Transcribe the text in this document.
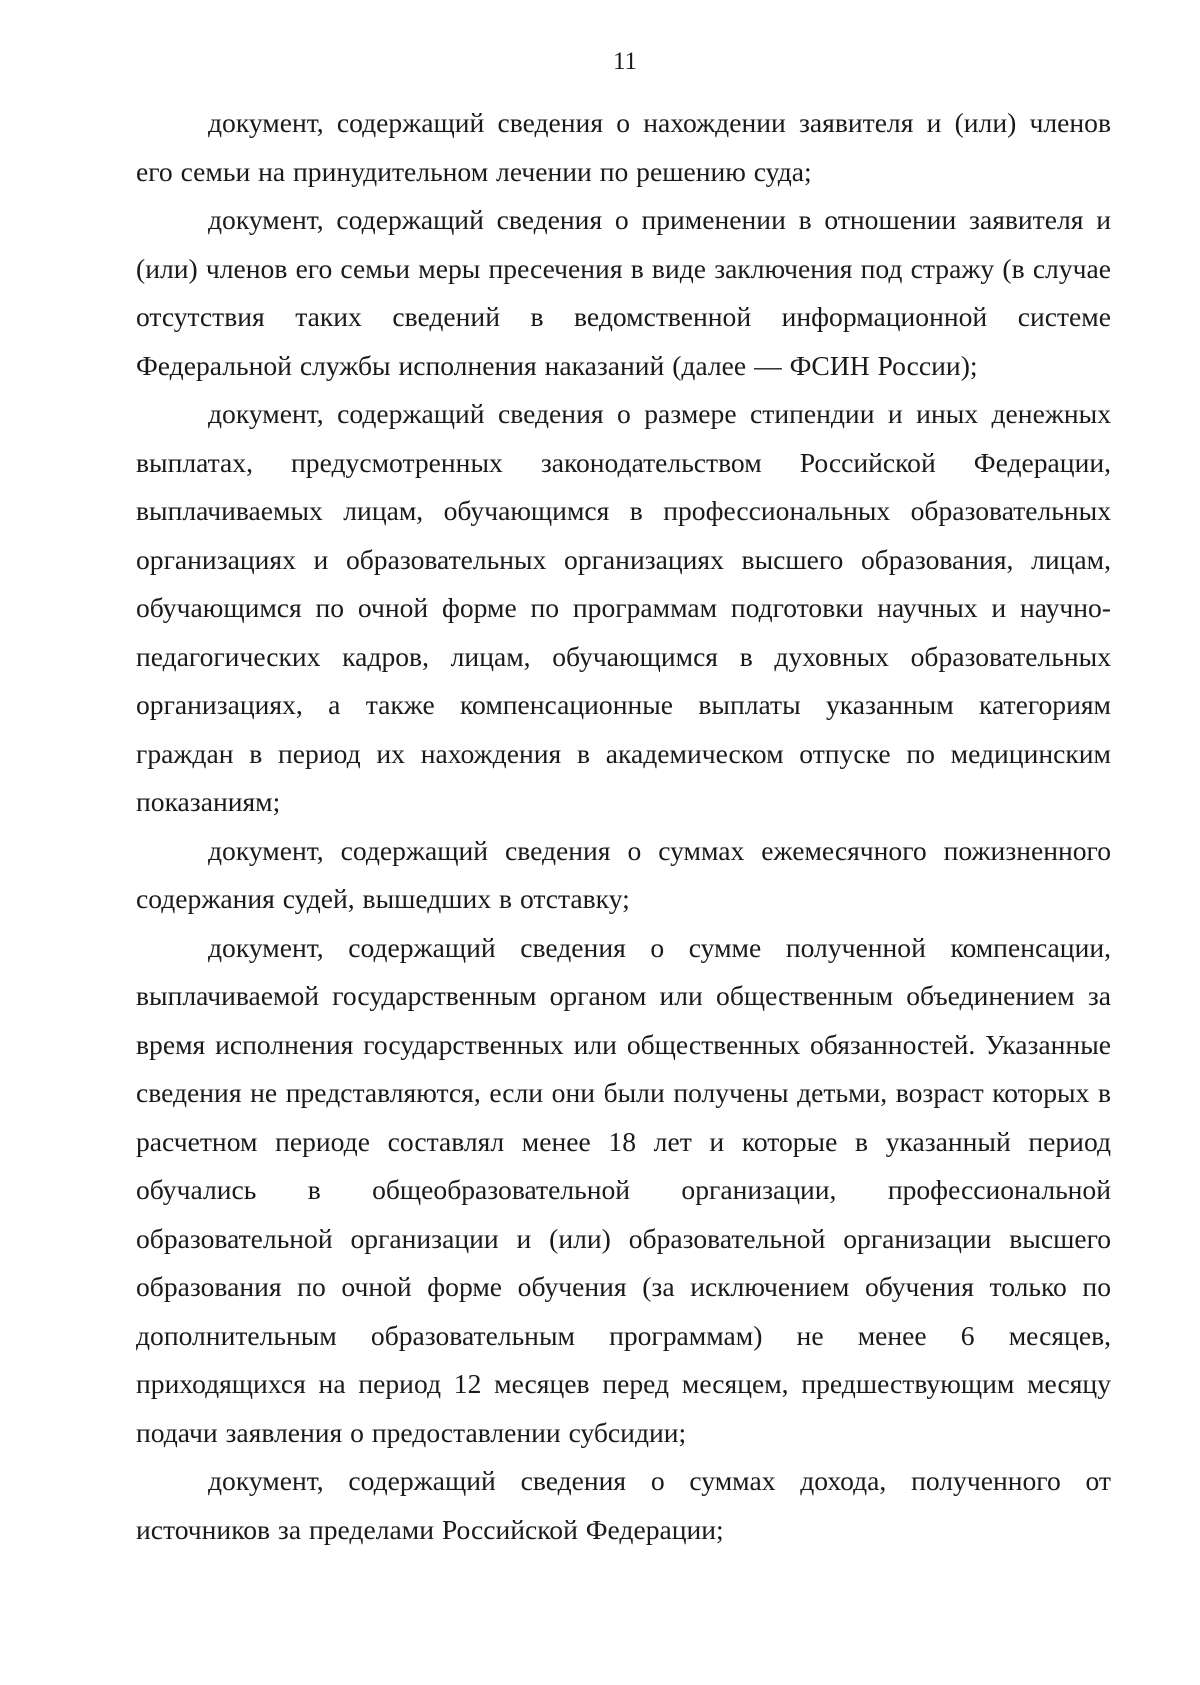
11

документ, содержащий сведения о нахождении заявителя и (или) членов его семьи на принудительном лечении по решению суда;

документ, содержащий сведения о применении в отношении заявителя и (или) членов его семьи меры пресечения в виде заключения под стражу (в случае отсутствия таких сведений в ведомственной информационной системе Федеральной службы исполнения наказаний (далее — ФСИН России);

документ, содержащий сведения о размере стипендии и иных денежных выплатах, предусмотренных законодательством Российской Федерации, выплачиваемых лицам, обучающимся в профессиональных образовательных организациях и образовательных организациях высшего образования, лицам, обучающимся по очной форме по программам подготовки научных и научно-педагогических кадров, лицам, обучающимся в духовных образовательных организациях, а также компенсационные выплаты указанным категориям граждан в период их нахождения в академическом отпуске по медицинским показаниям;

документ, содержащий сведения о суммах ежемесячного пожизненного содержания судей, вышедших в отставку;

документ, содержащий сведения о сумме полученной компенсации, выплачиваемой государственным органом или общественным объединением за время исполнения государственных или общественных обязанностей. Указанные сведения не представляются, если они были получены детьми, возраст которых в расчетном периоде составлял менее 18 лет и которые в указанный период обучались в общеобразовательной организации, профессиональной образовательной организации и (или) образовательной организации высшего образования по очной форме обучения (за исключением обучения только по дополнительным образовательным программам) не менее 6 месяцев, приходящихся на период 12 месяцев перед месяцем, предшествующим месяцу подачи заявления о предоставлении субсидии;

документ, содержащий сведения о суммах дохода, полученного от источников за пределами Российской Федерации;
